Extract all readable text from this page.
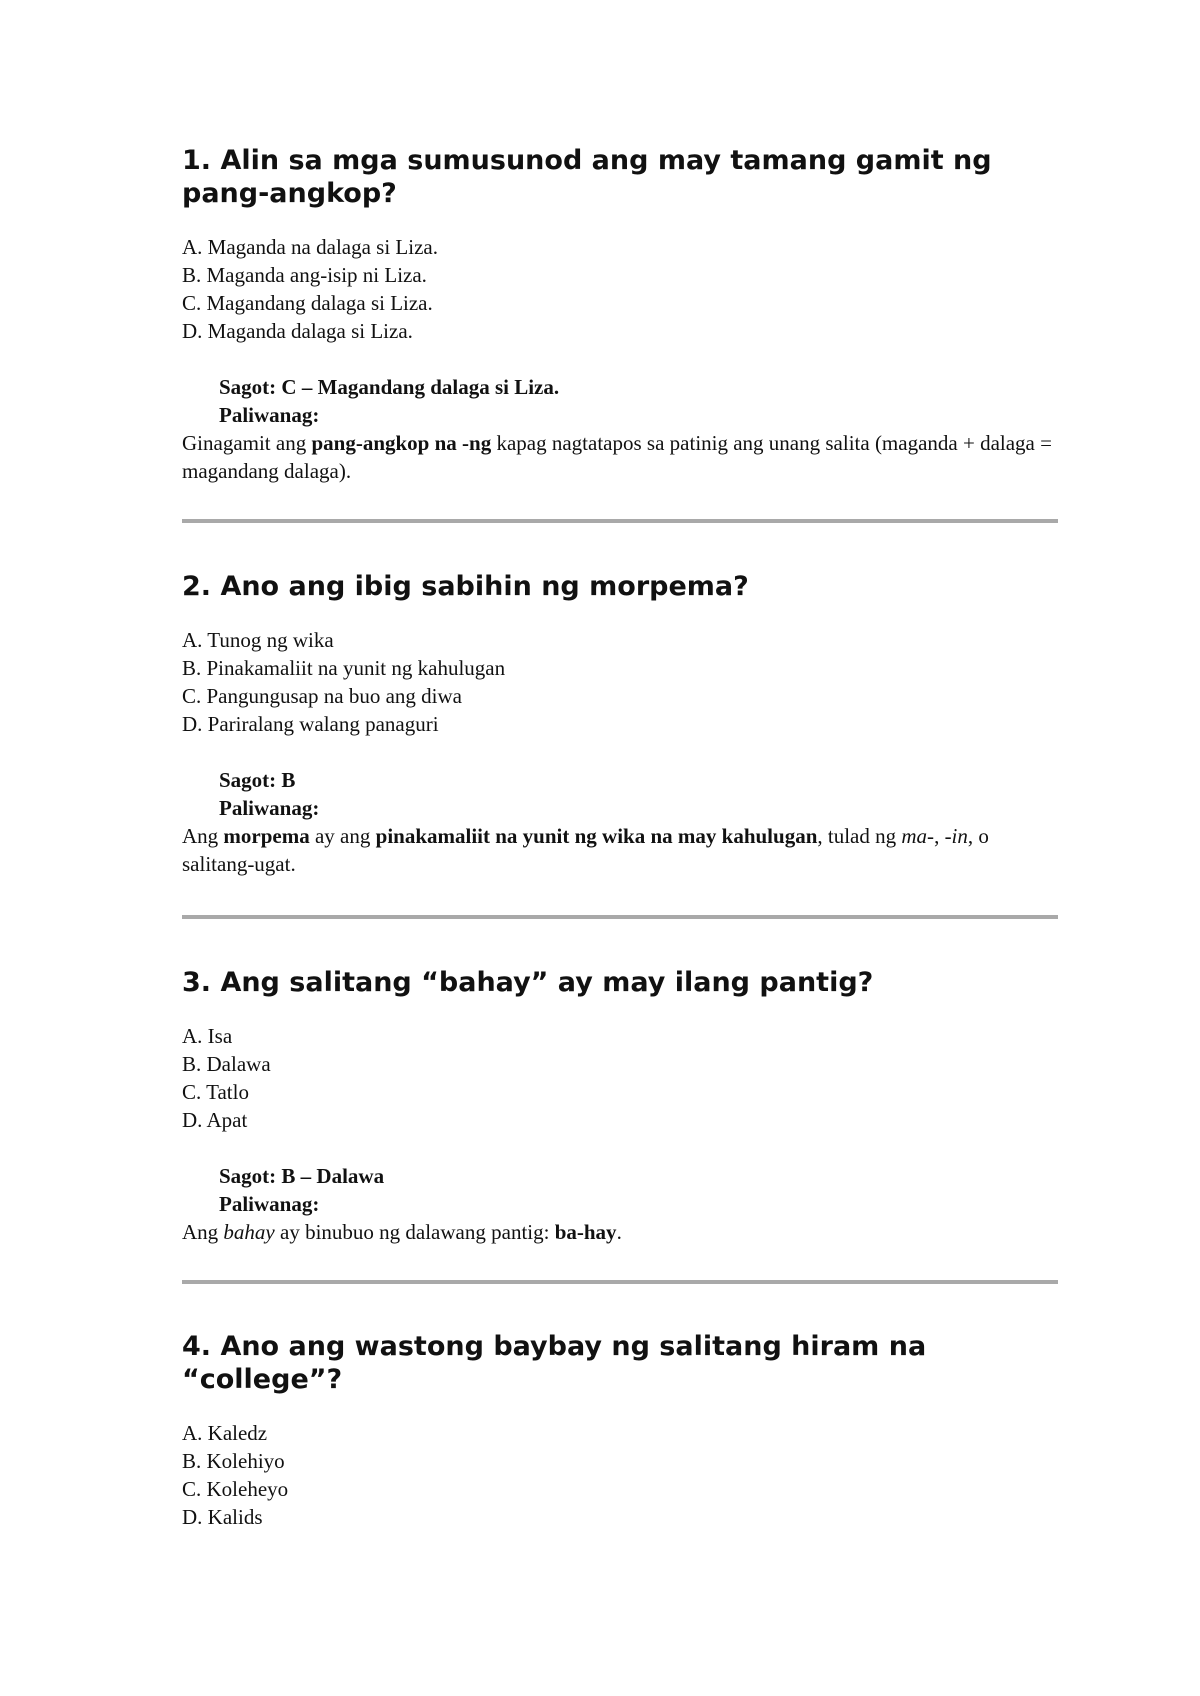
1. Alin sa mga sumusunod ang may tamang gamit ng pang-angkop?
A. Maganda na dalaga si Liza.
B. Maganda ang-isip ni Liza.
C. Magandang dalaga si Liza.
D. Maganda dalaga si Liza.
Sagot: C – Magandang dalaga si Liza.
Paliwanag:
Ginagamit ang pang-angkop na -ng kapag nagtatapos sa patinig ang unang salita (maganda + dalaga = magandang dalaga).
2. Ano ang ibig sabihin ng morpema?
A. Tunog ng wika
B. Pinakamaliit na yunit ng kahulugan
C. Pangungusap na buo ang diwa
D. Pariralang walang panaguri
Sagot: B
Paliwanag:
Ang morpema ay ang pinakamaliit na yunit ng wika na may kahulugan, tulad ng ma-, -in, o salitang-ugat.
3. Ang salitang “bahay” ay may ilang pantig?
A. Isa
B. Dalawa
C. Tatlo
D. Apat
Sagot: B – Dalawa
Paliwanag:
Ang bahay ay binubuo ng dalawang pantig: ba-hay.
4. Ano ang wastong baybay ng salitang hiram na “college”?
A. Kaledz
B. Kolehiyo
C. Koleheyo
D. Kalids
